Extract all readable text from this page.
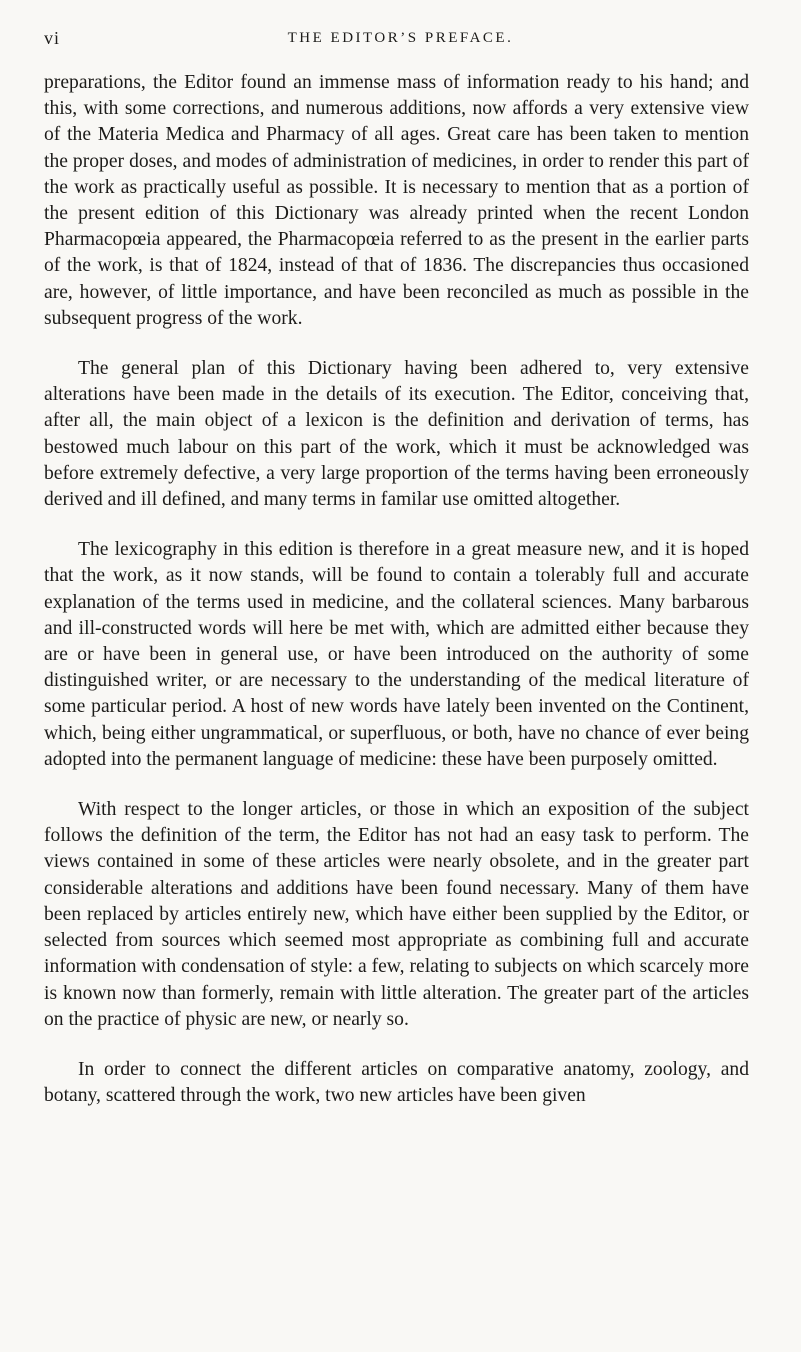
vi	THE EDITOR’S PREFACE.

preparations, the Editor found an immense mass of information ready to his hand; and this, with some corrections, and numerous additions, now affords a very extensive view of the Materia Medica and Pharmacy of all ages. Great care has been taken to mention the proper doses, and modes of administration of medicines, in order to render this part of the work as practically useful as possible. It is necessary to mention that as a portion of the present edition of this Dictionary was already printed when the recent London Pharmacopœia appeared, the Pharmacopœia referred to as the present in the earlier parts of the work, is that of 1824, instead of that of 1836. The discrepancies thus occasioned are, however, of little importance, and have been reconciled as much as possible in the subsequent progress of the work.

The general plan of this Dictionary having been adhered to, very extensive alterations have been made in the details of its execution. The Editor, conceiving that, after all, the main object of a lexicon is the definition and derivation of terms, has bestowed much labour on this part of the work, which it must be acknowledged was before extremely defective, a very large proportion of the terms having been erroneously derived and ill defined, and many terms in familar use omitted altogether.

The lexicography in this edition is therefore in a great measure new, and it is hoped that the work, as it now stands, will be found to contain a tolerably full and accurate explanation of the terms used in medicine, and the collateral sciences. Many barbarous and ill-constructed words will here be met with, which are admitted either because they are or have been in general use, or have been introduced on the authority of some distinguished writer, or are necessary to the understanding of the medical literature of some particular period. A host of new words have lately been invented on the Continent, which, being either ungrammatical, or superfluous, or both, have no chance of ever being adopted into the permanent language of medicine: these have been purposely omitted.

With respect to the longer articles, or those in which an exposition of the subject follows the definition of the term, the Editor has not had an easy task to perform. The views contained in some of these articles were nearly obsolete, and in the greater part considerable alterations and additions have been found necessary. Many of them have been replaced by articles entirely new, which have either been supplied by the Editor, or selected from sources which seemed most appropriate as combining full and accurate information with condensation of style: a few, relating to subjects on which scarcely more is known now than formerly, remain with little alteration. The greater part of the articles on the practice of physic are new, or nearly so.

In order to connect the different articles on comparative anatomy, zoology, and botany, scattered through the work, two new articles have been given
